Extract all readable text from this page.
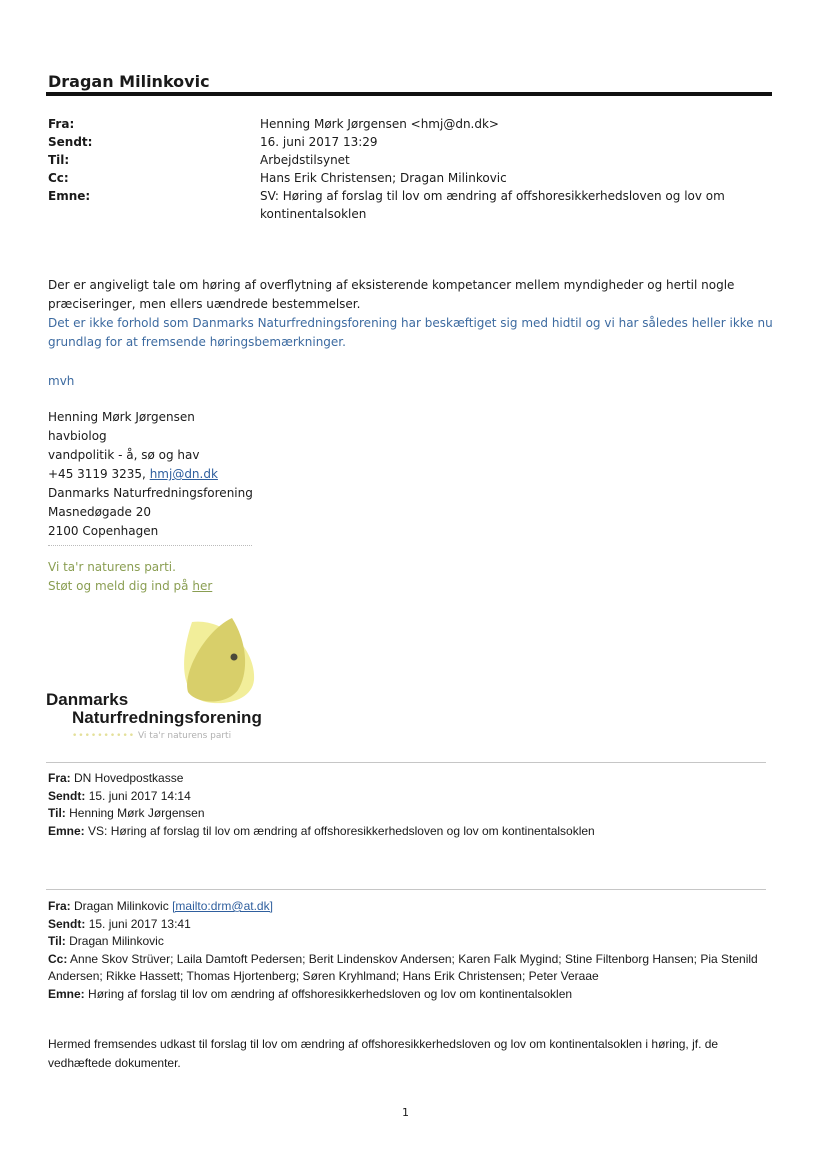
Dragan Milinkovic
Fra:	Henning Mørk Jørgensen <hmj@dn.dk>
Sendt:	16. juni 2017 13:29
Til:	Arbejdstilsynet
Cc:	Hans Erik Christensen; Dragan Milinkovic
Emne:	SV: Høring af forslag til lov om ændring af offshoresikkerhedsloven og lov om kontinentalsoklen
Der er angiveligt tale om høring af overflytning af eksisterende kompetancer mellem myndigheder og hertil nogle præciseringer, men ellers uændrede bestemmelser.
Det er ikke forhold som Danmarks Naturfredningsforening har beskæftiget sig med hidtil og vi har således heller ikke nu grundlag for at fremsende høringsbemærkninger.
mvh
Henning Mørk Jørgensen
havbiolog
vandpolitik - å, sø og hav
+45 3119 3235, hmj@dn.dk
Danmarks Naturfredningsforening
Masnedøgade 20
2100 Copenhagen
Vi ta'r naturens parti.
Støt og meld dig ind på her
Danmarks
Naturfredningsforening
•••••••••• Vi ta'r naturens parti
Fra: DN Hovedpostkasse
Sendt: 15. juni 2017 14:14
Til: Henning Mørk Jørgensen
Emne: VS: Høring af forslag til lov om ændring af offshoresikkerhedsloven og lov om kontinentalsoklen
Fra: Dragan Milinkovic [mailto:drm@at.dk]
Sendt: 15. juni 2017 13:41
Til: Dragan Milinkovic
Cc: Anne Skov Strüver; Laila Damtoft Pedersen; Berit Lindenskov Andersen; Karen Falk Mygind; Stine Filtenborg Hansen; Pia Stenild Andersen; Rikke Hassett; Thomas Hjortenberg; Søren Kryhlmand; Hans Erik Christensen; Peter Veraae
Emne: Høring af forslag til lov om ændring af offshoresikkerhedsloven og lov om kontinentalsoklen
Hermed fremsendes udkast til forslag til lov om ændring af offshoresikkerhedsloven og lov om kontinentalsoklen i høring, jf. de vedhæftede dokumenter.
1
